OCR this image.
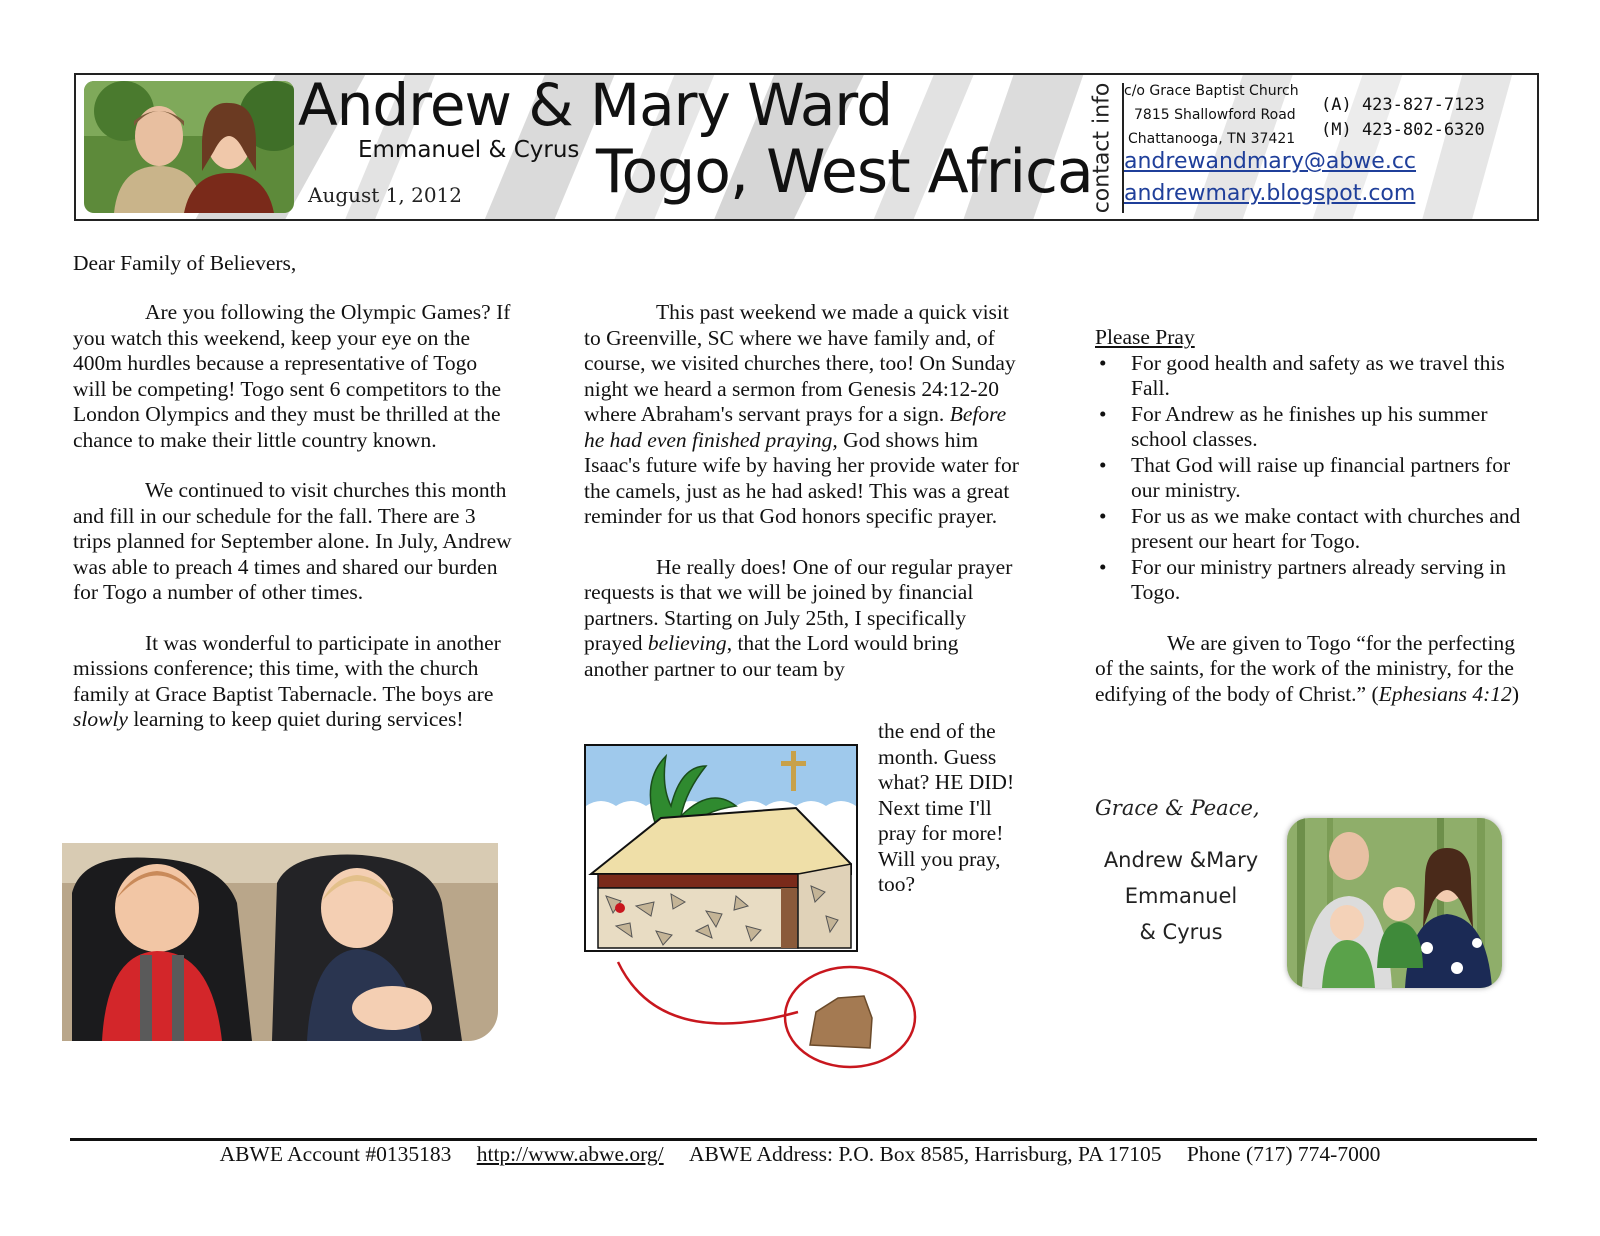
Andrew & Mary Ward
Emmanuel & Cyrus
August 1, 2012 Togo, West Africa
contact info c/o Grace Baptist Church
7815 Shallowford Road
Chattanooga, TN 37421
(A) 423-827-7123
(M) 423-802-6320
andrewandmary@abwe.cc
andrewmary.blogspot.com
Dear Family of Believers,

Are you following the Olympic Games? If you watch this weekend, keep your eye on the 400m hurdles because a representative of Togo will be competing! Togo sent 6 competitors to the London Olympics and they must be thrilled at the chance to make their little country known.

We continued to visit churches this month and fill in our schedule for the fall. There are 3 trips planned for September alone. In July, Andrew was able to preach 4 times and shared our burden for Togo a number of other times.

It was wonderful to participate in another missions conference; this time, with the church family at Grace Baptist Tabernacle. The boys are slowly learning to keep quiet during services!

This past weekend we made a quick visit to Greenville, SC where we have family and, of course, we visited churches there, too! On Sunday night we heard a sermon from Genesis 24:12-20 where Abraham's servant prays for a sign. Before he had even finished praying, God shows him Isaac's future wife by having her provide water for the camels, just as he had asked! This was a great reminder for us that God honors specific prayer.

He really does! One of our regular prayer requests is that we will be joined by financial partners. Starting on July 25th, I specifically prayed believing, that the Lord would bring another partner to our team by

the end of the month. Guess what? HE DID! Next time I'll pray for more! Will you pray, too?

Please Pray

• For good health and safety as we travel this Fall.
• For Andrew as he finishes up his summer school classes.
• That God will raise up financial partners for our ministry.
• For us as we make contact with churches and present our heart for Togo.
• For our ministry partners already serving in Togo.

We are given to Togo “for the perfecting of the saints, for the work of the ministry, for the edifying of the body of Christ.” (Ephesians 4:12)

Grace & Peace,
Andrew &Mary
Emmanuel
& Cyrus
ABWE Account #0135183 http://www.abwe.org/ ABWE Address: P.O. Box 8585, Harrisburg, PA 17105 Phone (717) 774-7000
